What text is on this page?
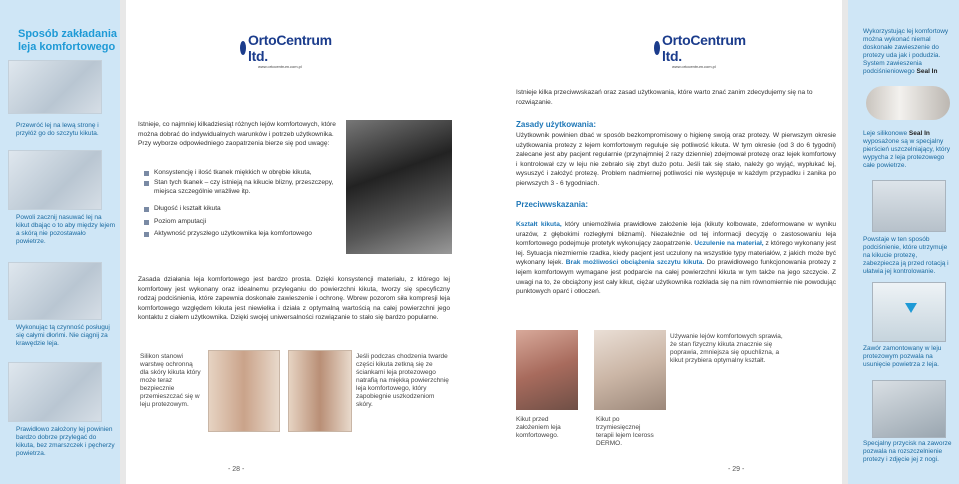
Sposób zakładania leja komfortowego
Przewróć lej na lewą stronę i przyłóż go do szczytu kikuta.
Powoli zacznij nasuwać lej na kikut dbając o to aby między lejem a skórą nie pozostawało powietrze.
Wykonując tą czynność posługuj się całymi dłońmi. Nie ciągnij za krawędzie leja.
Prawidłowo założony lej powinien bardzo dobrze przylegać do kikuta, bez zmarszczek i pęcherzy powietrza.
OrtoCentrum ltd.
www.ortocentrum.com.pl
Istnieje, co najmniej kilkadziesiąt różnych lejów komfortowych, które można dobrać do indywidualnych warunków i potrzeb użytkownika. Przy wyborze odpowiedniego zaopatrzenia bierze się pod uwagę:
Konsystencję i ilość tkanek miękkich w obrębie kikuta,
Stan tych tkanek – czy istnieją na kikucie blizny, przeszczepy, miejsca szczególnie wrażliwe itp.
Długość i kształt kikuta
Poziom amputacji
Aktywność przyszłego użytkownika leja komfortowego
Zasada działania leja komfortowego jest bardzo prosta. Dzięki konsystencji materiału, z którego lej komfortowy jest wykonany oraz idealnemu przyleganiu do powierzchni kikuta, tworzy się specyficzny rodzaj podciśnienia, które zapewnia doskonałe zawieszenie i ochronę. Wbrew pozorom siła kompresji leja komfortowego względem kikuta jest niewielka i działa z optymalną wartością na całej powierzchni jego kontaktu z ciałem użytkownika. Dzięki swojej uniwersalności rozwiązanie to stało się bardzo popularne.
Silikon stanowi warstwę ochronną dla skóry kikuta który może teraz bezpiecznie przemieszczać się w leju protezowym.
Jeśli podczas chodzenia twarde części kikuta zetkną się ze ściankami leja protezowego natrafią na miękką powierzchnię leja komfortowego, który zapobiegnie uszkodzeniom skóry.
- 28 -
OrtoCentrum ltd.
www.ortocentrum.com.pl
Istnieje kilka przeciwwskazań oraz zasad użytkowania, które warto znać zanim zdecydujemy się na to rozwiązanie.
Zasady użytkowania:
Użytkownik powinien dbać w sposób bezkompromisowy o higienę swoją oraz protezy. W pierwszym okresie użytkowania protezy z lejem komfortowym reguluje się potliwość kikuta. W tym okresie (od 3 do 6 tygodni) zalecane jest aby pacjent regularnie (przynajmniej 2 razy dziennie) zdejmował protezę oraz lejek komfortowy i kontrolował czy w leju nie zebrało się zbyt dużo potu. Jeśli tak się stało, należy go wyjąć, wypłukać lej, wysuszyć i założyć protezę. Problem nadmiernej potliwości nie występuje w każdym przypadku i zanika po pierwszych 3 - 6 tygodniach.
Przeciwwskazania:
Kształt kikuta, który uniemożliwia prawidłowe założenie leja (kikuty kolbowate, zdeformowane w wyniku urazów, z głębokimi rozległymi bliznami). Niezależnie od tej informacji decyzję o zastosowaniu leja komfortowego podejmuje protetyk wykonujący zaopatrzenie. Uczulenie na materiał, z którego wykonany jest lej. Sytuacja niezmiernie rzadka, kiedy pacjent jest uczulony na wszystkie typy materiałów, z jakich może być wykonany lejek. Brak możliwości obciążenia szczytu kikuta. Do prawidłowego funkcjonowania protezy z lejem komfortowym wymagane jest podparcie na całej powierzchni kikuta w tym także na jego szczycie. Z uwagi na to, że obciążony jest cały kikut, ciężar użytkownika rozkłada się na nim równomiernie nie powodując punktowych oparć i otłoczeń.
Używanie lejów komfortowych sprawia, że stan fizyczny kikuta znacznie się poprawia, zmniejsza się opuchlizna, a kikut przybiera optymalny kształt.
Kikut przed założeniem leja komfortowego.
Kikut po trzymiesięcznej terapii lejem Iceross DERMO.
- 29 -
Wykorzystując lej komfortowy można wykonać niemal doskonałe zawieszenie do protezy uda jak i podudzia. System zawieszenia podciśnieniowego Seal In
Leje silikonowe Seal In wyposażone są w specjalny pierścień uszczelniający, który wypycha z leja protezowego całe powietrze.
Powstaje w ten sposób podciśnienie, które utrzymuje na kikucie protezę, zabezpiecza ją przed rotacją i ułatwia jej kontrolowanie.
Zawór zamontowany w leju protezowym pozwala na usunięcie powietrza z leja.
Specjalny przycisk na zaworze pozwala na rozszczelnienie protezy i zdjęcie jej z nogi.
